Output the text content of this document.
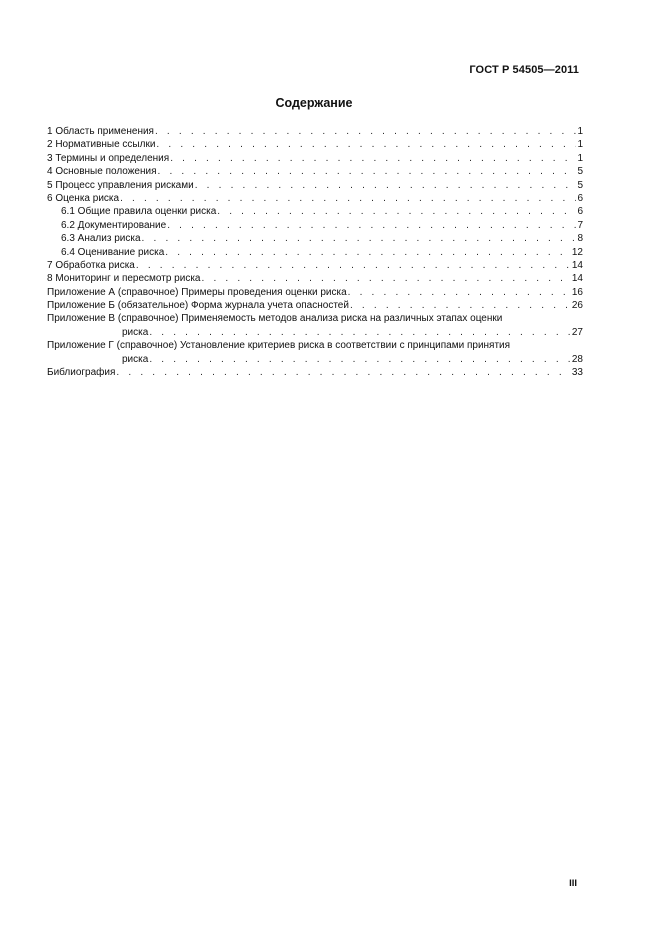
ГОСТ Р 54505—2011
Содержание
1 Область применения . . .	1
2 Нормативные ссылки . . .	1
3 Термины и определения . . .	1
4 Основные положения . . .	5
5 Процесс управления рисками . . .	5
6 Оценка риска . . .	6
6.1 Общие правила оценки риска . . .	6
6.2 Документирование . . .	7
6.3 Анализ риска . . .	8
6.4 Оценивание риска . . .	12
7 Обработка риска . . .	14
8 Мониторинг и пересмотр риска . . .	14
Приложение А (справочное) Примеры проведения оценки риска . . .	16
Приложение Б (обязательное) Форма журнала учета опасностей . . .	26
Приложение В (справочное) Применяемость методов анализа риска на различных этапах оценки
риска . . .	27
Приложение Г (справочное) Установление критериев риска в соответствии с принципами принятия
риска . . .	28
Библиография . . .	33
III
